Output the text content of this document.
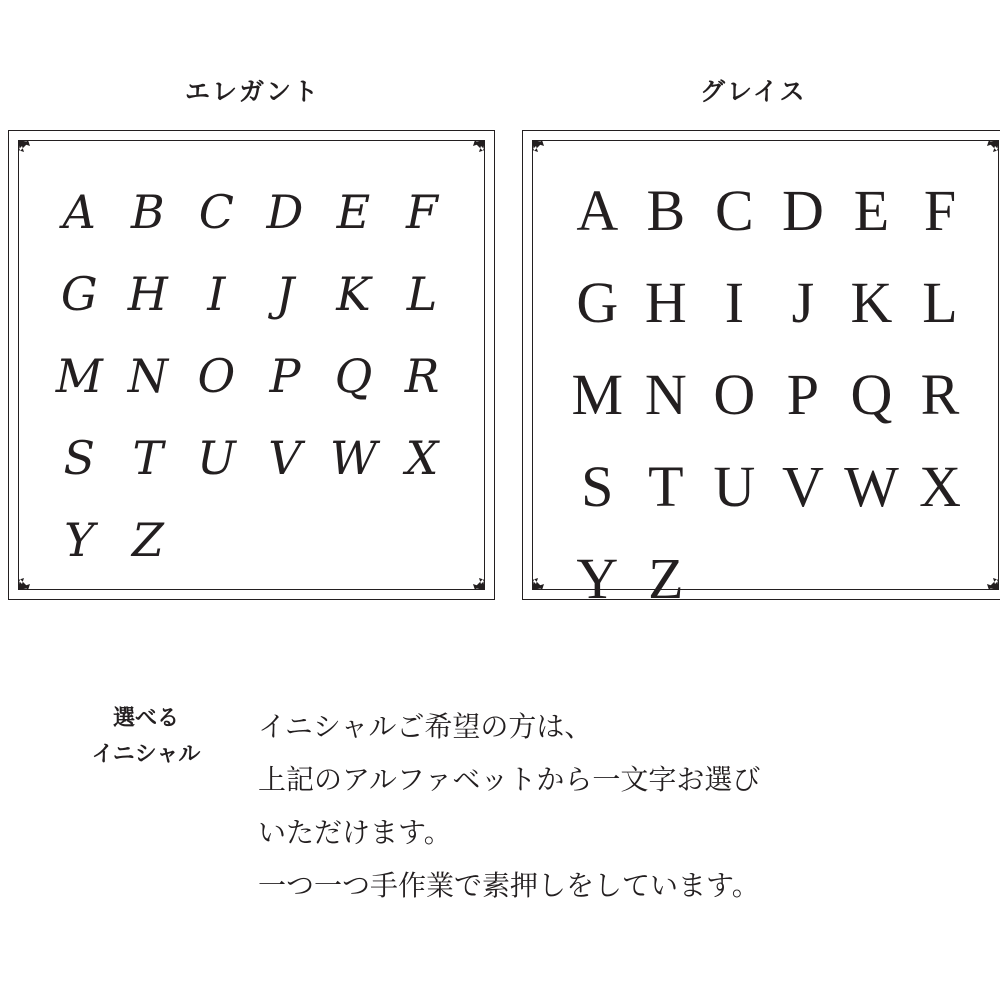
エレガント
A B C D E F
G H I	J K L
M N O P Q R
S T U V W X
Y Z
グレイス
A B C D E F
G H I J K L
M N O P Q R
S T U V W X
Y Z
選べる
イニシャル

イニシャルご希望の方は、

上記のアルファベットから一文字お選び

いただけます。

一つ一つ手作業で素押しをしています。
